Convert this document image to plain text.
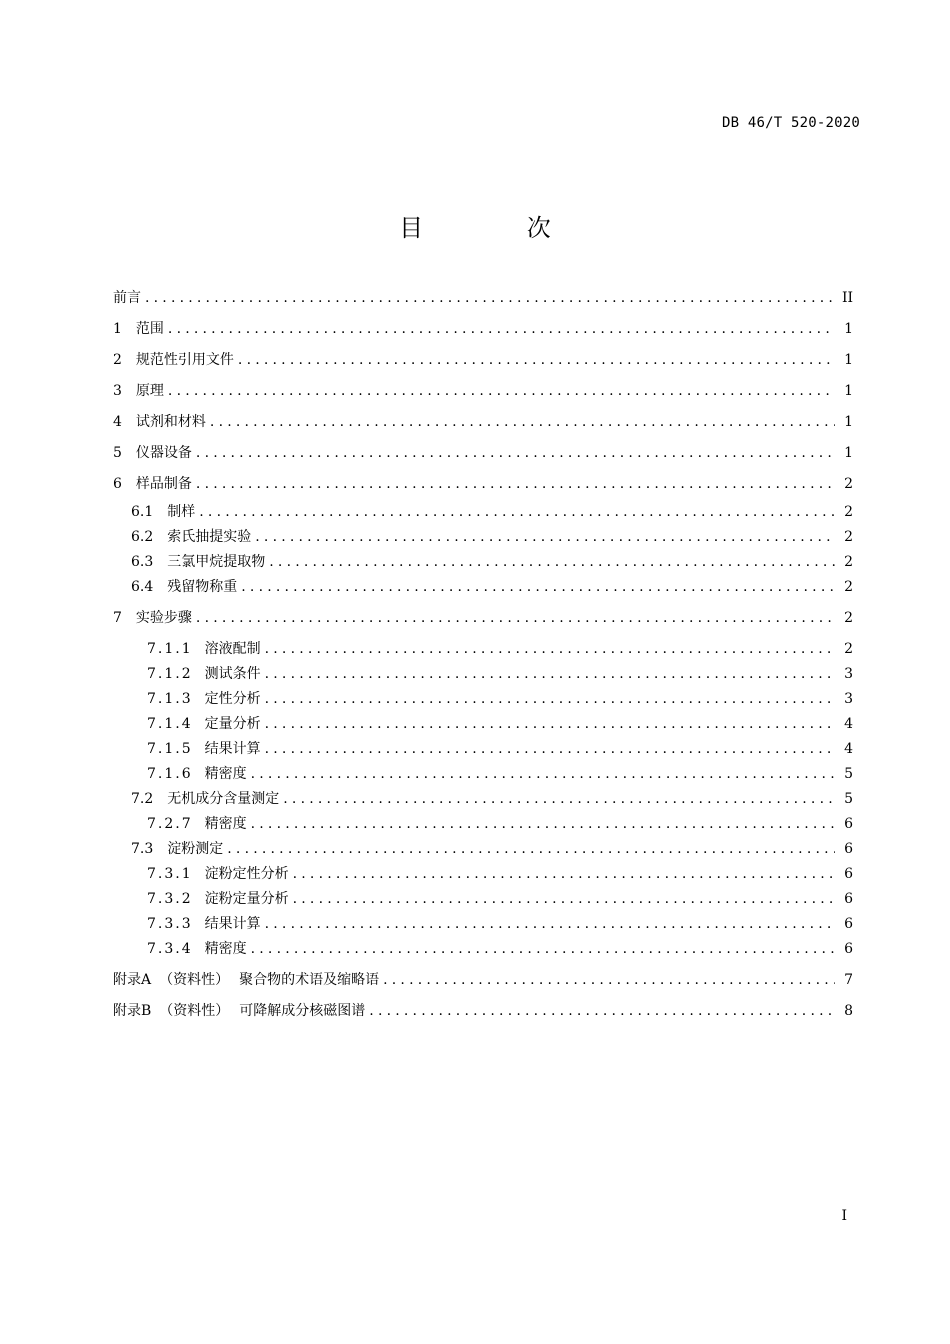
DB 46/T 520-2020
目 次
前言 .....	II
1 范围 .....	1
2 规范性引用文件 .....	1
3 原理 .....	1
4 试剂和材料 .....	1
5 仪器设备 .....	1
6 样品制备 .....	2
6.1 制样 .....	2
6.2 索氏抽提实验 .....	2
6.3 三氯甲烷提取物 .....	2
6.4 残留物称重 .....	2
7 实验步骤 .....	2
7.1.1 溶液配制 .....	2
7.1.2 测试条件 .....	3
7.1.3 定性分析 .....	3
7.1.4 定量分析 .....	4
7.1.5 结果计算 .....	4
7.1.6 精密度 .....	5
7.2 无机成分含量测定 .....	5
7.2.7 精密度 .....	6
7.3 淀粉测定 .....	6
7.3.1 淀粉定性分析 .....	6
7.3.2 淀粉定量分析 .....	6
7.3.3 结果计算 .....	6
7.3.4 精密度 .....	6
附录A （资料性） 聚合物的术语及缩略语 .....	7
附录B （资料性） 可降解成分核磁图谱 .....	8
I
